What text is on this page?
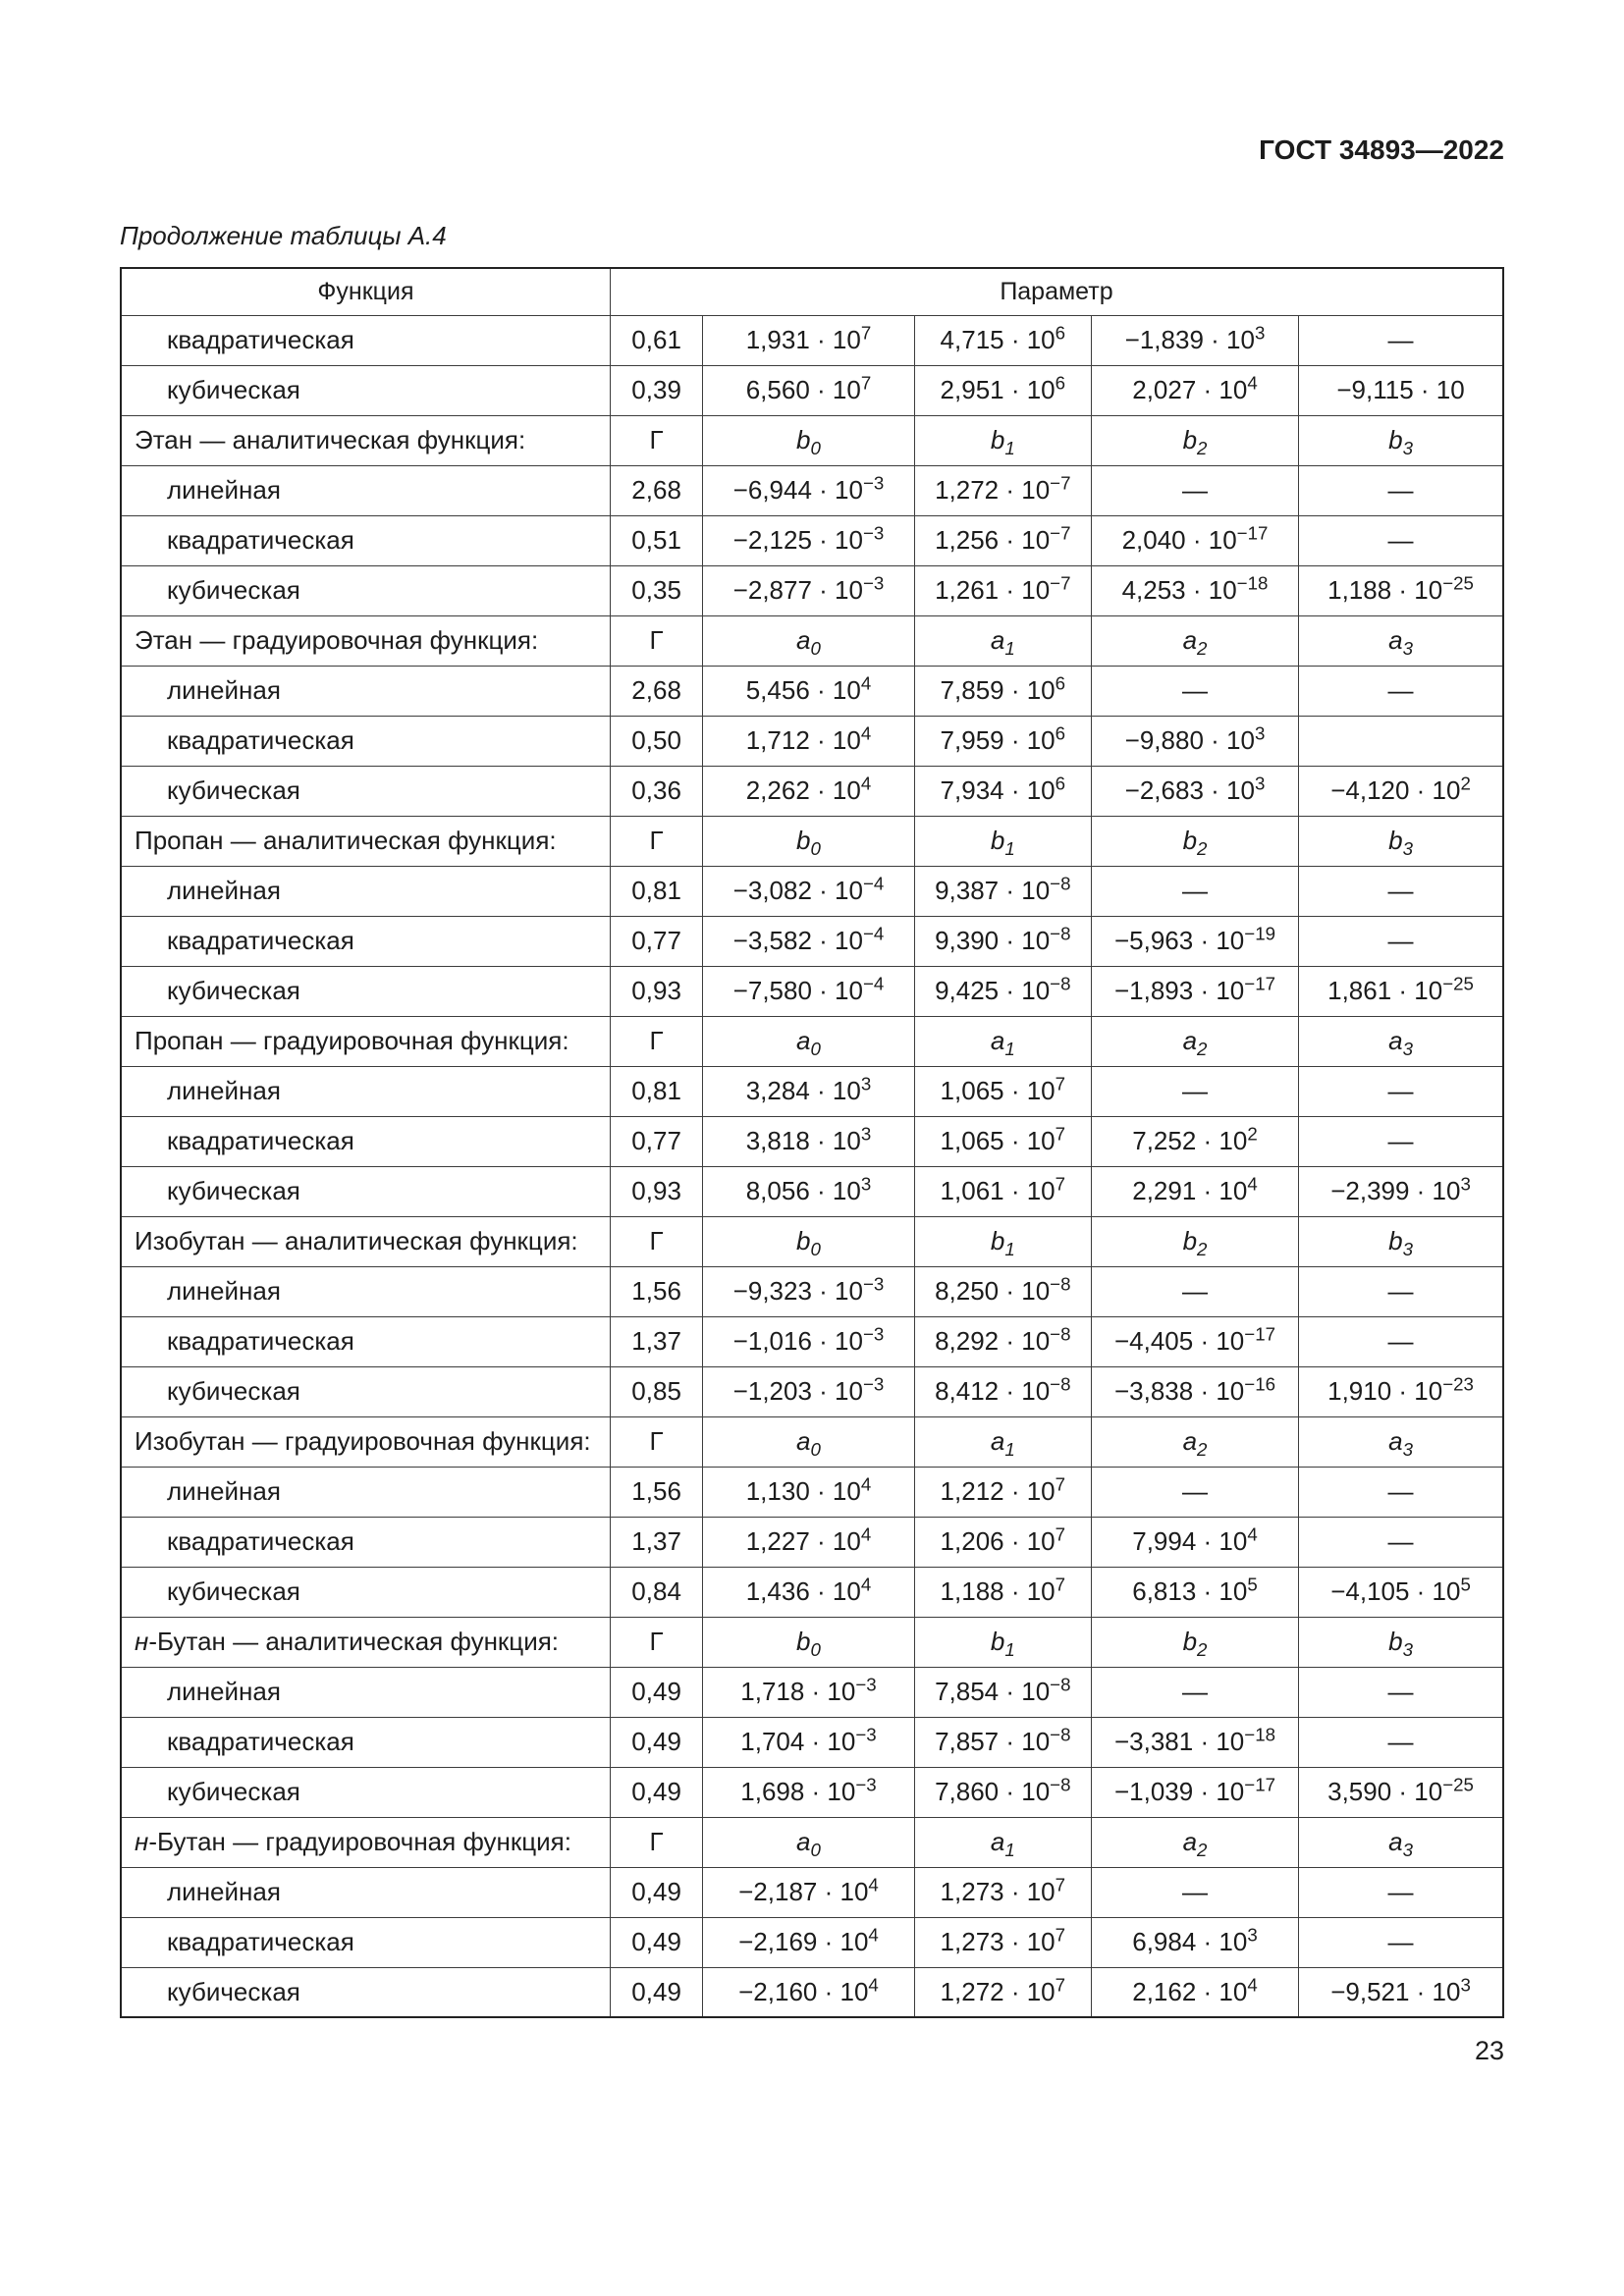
ГОСТ 34893—2022
Продолжение таблицы А.4
Функция	Параметр				
квадратическая	0,61	$1,931 \cdot 10^7$	$4,715 \cdot 10^6$	$-1,839 \cdot 10^3$	—
кубическая	0,39	$6,560 \cdot 10^7$	$2,951 \cdot 10^6$	$2,027 \cdot 10^4$	−9,115 · 10
Этан — аналитическая функция:	Г	$b_0$	$b_1$	$b_2$	$b_3$
линейная	2,68	$-6,944 \cdot 10^{-3}$	$1,272 \cdot 10^{-7}$	—	—
квадратическая	0,51	$-2,125 \cdot 10^{-3}$	$1,256 \cdot 10^{-7}$	$2,040 \cdot 10^{-17}$	—
кубическая	0,35	$-2,877 \cdot 10^{-3}$	$1,261 \cdot 10^{-7}$	$4,253 \cdot 10^{-18}$	$1,188 \cdot 10^{-25}$
Этан — градуировочная функция:	Г	$a_0$	$a_1$	$a_2$	$a_3$
линейная	2,68	$5,456 \cdot 10^4$	$7,859 \cdot 10^6$	—	—
квадратическая	0,50	$1,712 \cdot 10^4$	$7,959 \cdot 10^6$	$-9,880 \cdot 10^3$	
кубическая	0,36	$2,262 \cdot 10^4$	$7,934 \cdot 10^6$	$-2,683 \cdot 10^3$	$-4,120 \cdot 10^2$
Пропан — аналитическая функция:	Г	$b_0$	$b_1$	$b_2$	$b_3$
линейная	0,81	$-3,082 \cdot 10^{-4}$	$9,387 \cdot 10^{-8}$	—	—
квадратическая	0,77	$-3,582 \cdot 10^{-4}$	$9,390 \cdot 10^{-8}$	$-5,963 \cdot 10^{-19}$	—
кубическая	0,93	$-7,580 \cdot 10^{-4}$	$9,425 \cdot 10^{-8}$	$-1,893 \cdot 10^{-17}$	$1,861 \cdot 10^{-25}$
Пропан — градуировочная функция:	Г	$a_0$	$a_1$	$a_2$	$a_3$
линейная	0,81	$3,284 \cdot 10^3$	$1,065 \cdot 10^7$	—	—
квадратическая	0,77	$3,818 \cdot 10^3$	$1,065 \cdot 10^7$	$7,252 \cdot 10^2$	—
кубическая	0,93	$8,056 \cdot 10^3$	$1,061 \cdot 10^7$	$2,291 \cdot 10^4$	$-2,399 \cdot 10^3$
Изобутан — аналитическая функция:	Г	$b_0$	$b_1$	$b_2$	$b_3$
линейная	1,56	$-9,323 \cdot 10^{-3}$	$8,250 \cdot 10^{-8}$	—	—
квадратическая	1,37	$-1,016 \cdot 10^{-3}$	$8,292 \cdot 10^{-8}$	$-4,405 \cdot 10^{-17}$	—
кубическая	0,85	$-1,203 \cdot 10^{-3}$	$8,412 \cdot 10^{-8}$	$-3,838 \cdot 10^{-16}$	$1,910 \cdot 10^{-23}$
Изобутан — градуировочная функция:	Г	$a_0$	$a_1$	$a_2$	$a_3$
линейная	1,56	$1,130 \cdot 10^4$	$1,212 \cdot 10^7$	—	—
квадратическая	1,37	$1,227 \cdot 10^4$	$1,206 \cdot 10^7$	$7,994 \cdot 10^4$	—
кубическая	0,84	$1,436 \cdot 10^4$	$1,188 \cdot 10^7$	$6,813 \cdot 10^5$	$-4,105 \cdot 10^5$
н-Бутан — аналитическая функция:	Г	$b_0$	$b_1$	$b_2$	$b_3$
линейная	0,49	$1,718 \cdot 10^{-3}$	$7,854 \cdot 10^{-8}$	—	—
квадратическая	0,49	$1,704 \cdot 10^{-3}$	$7,857 \cdot 10^{-8}$	$-3,381 \cdot 10^{-18}$	—
кубическая	0,49	$1,698 \cdot 10^{-3}$	$7,860 \cdot 10^{-8}$	$-1,039 \cdot 10^{-17}$	$3,590 \cdot 10^{-25}$
н-Бутан — градуировочная функция:	Г	$a_0$	$a_1$	$a_2$	$a_3$
линейная	0,49	$-2,187 \cdot 10^4$	$1,273 \cdot 10^7$	—	—
квадратическая	0,49	$-2,169 \cdot 10^4$	$1,273 \cdot 10^7$	$6,984 \cdot 10^3$	—
кубическая	0,49	$-2,160 \cdot 10^4$	$1,272 \cdot 10^7$	$2,162 \cdot 10^4$	$-9,521 \cdot 10^3$
23
